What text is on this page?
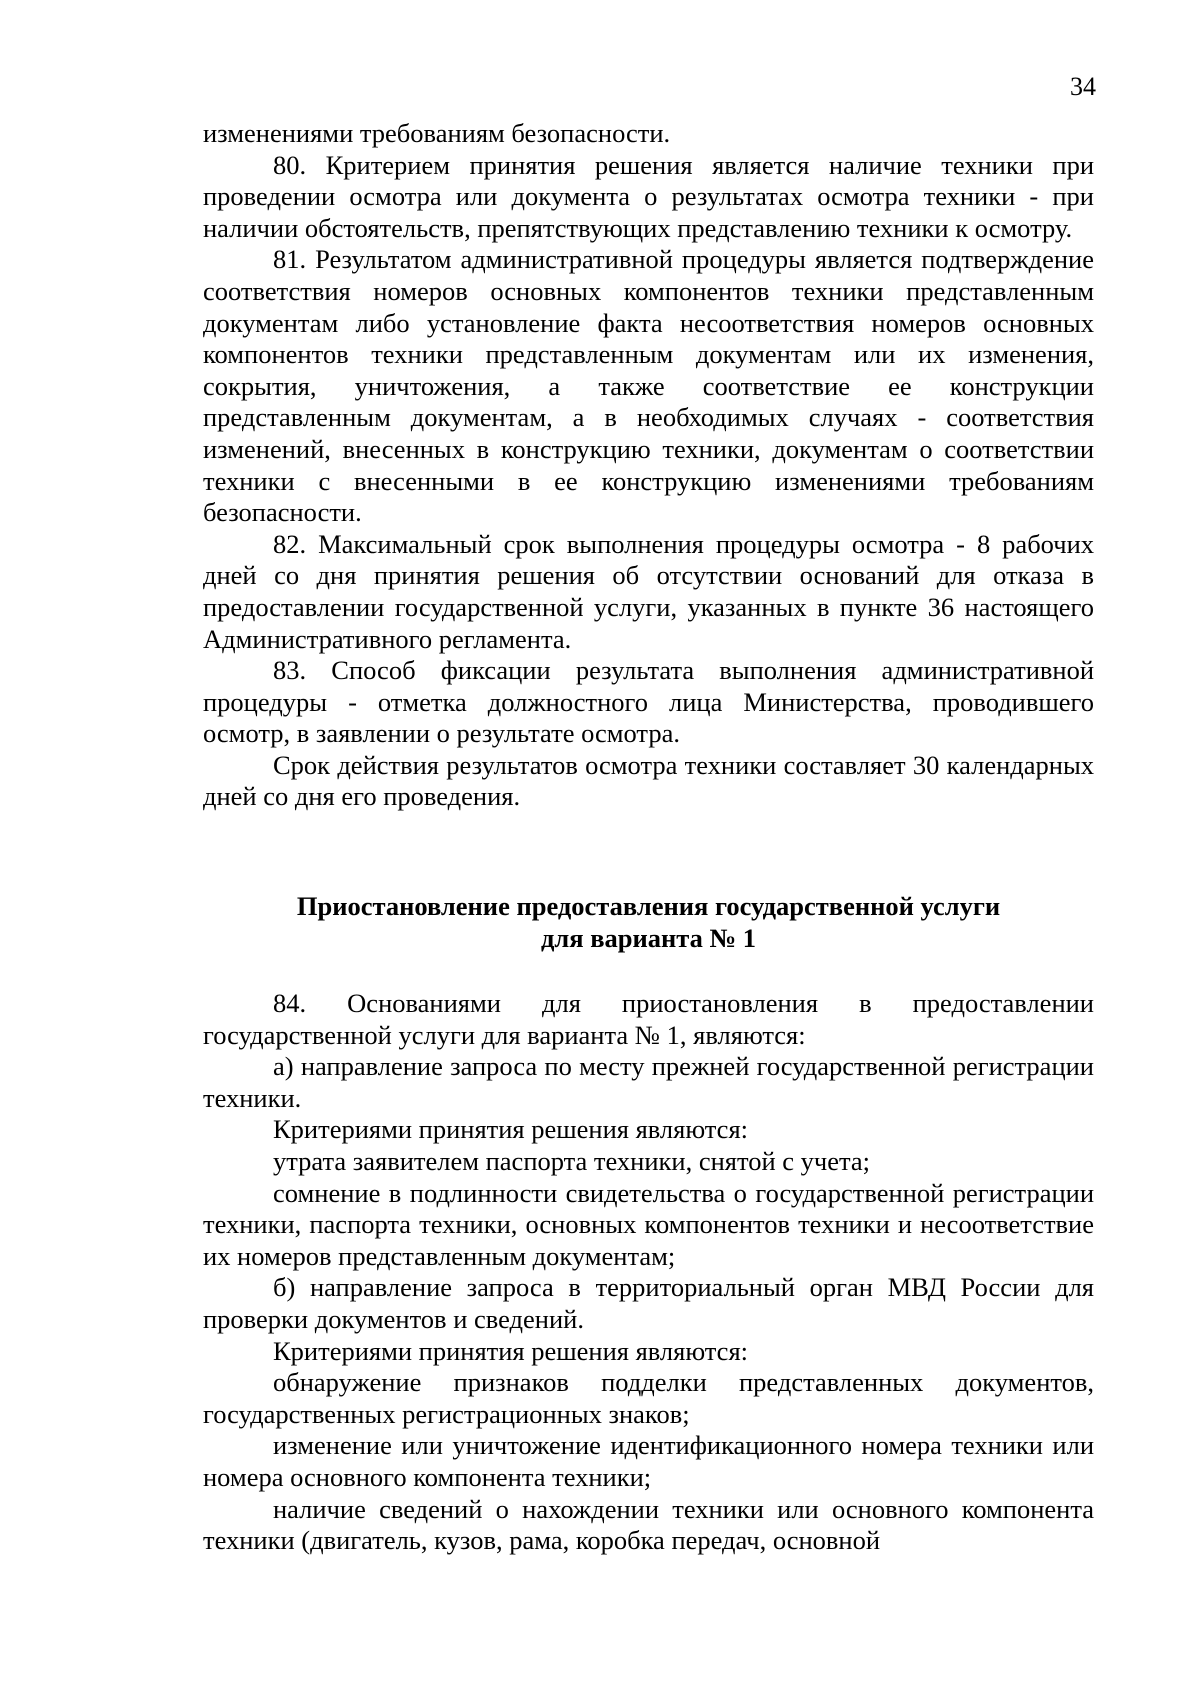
34

изменениями требованиям безопасности.

80. Критерием принятия решения является наличие техники при проведении осмотра или документа о результатах осмотра техники - при наличии обстоятельств, препятствующих представлению техники к осмотру.

81. Результатом административной процедуры является подтверждение соответствия номеров основных компонентов техники представленным документам либо установление факта несоответствия номеров основных компонентов техники представленным документам или их изменения, сокрытия, уничтожения, а также соответствие ее конструкции представленным документам, а в необходимых случаях - соответствия изменений, внесенных в конструкцию техники, документам о соответствии техники с внесенными в ее конструкцию изменениями требованиям безопасности.

82. Максимальный срок выполнения процедуры осмотра - 8 рабочих дней со дня принятия решения об отсутствии оснований для отказа в предоставлении государственной услуги, указанных в пункте 36 настоящего Административного регламента.

83. Способ фиксации результата выполнения административной процедуры - отметка должностного лица Министерства, проводившего осмотр, в заявлении о результате осмотра.

Срок действия результатов осмотра техники составляет 30 календарных дней со дня его проведения.

Приостановление предоставления государственной услуги
для варианта № 1

84. Основаниями для приостановления в предоставлении государственной услуги для варианта № 1, являются:

а) направление запроса по месту прежней государственной регистрации техники.

Критериями принятия решения являются:

утрата заявителем паспорта техники, снятой с учета;

сомнение в подлинности свидетельства о государственной регистрации техники, паспорта техники, основных компонентов техники и несоответствие их номеров представленным документам;

б) направление запроса в территориальный орган МВД России для проверки документов и сведений.

Критериями принятия решения являются:

обнаружение признаков подделки представленных документов, государственных регистрационных знаков;

изменение или уничтожение идентификационного номера техники или номера основного компонента техники;

наличие сведений о нахождении техники или основного компонента техники (двигатель, кузов, рама, коробка передач, основной
